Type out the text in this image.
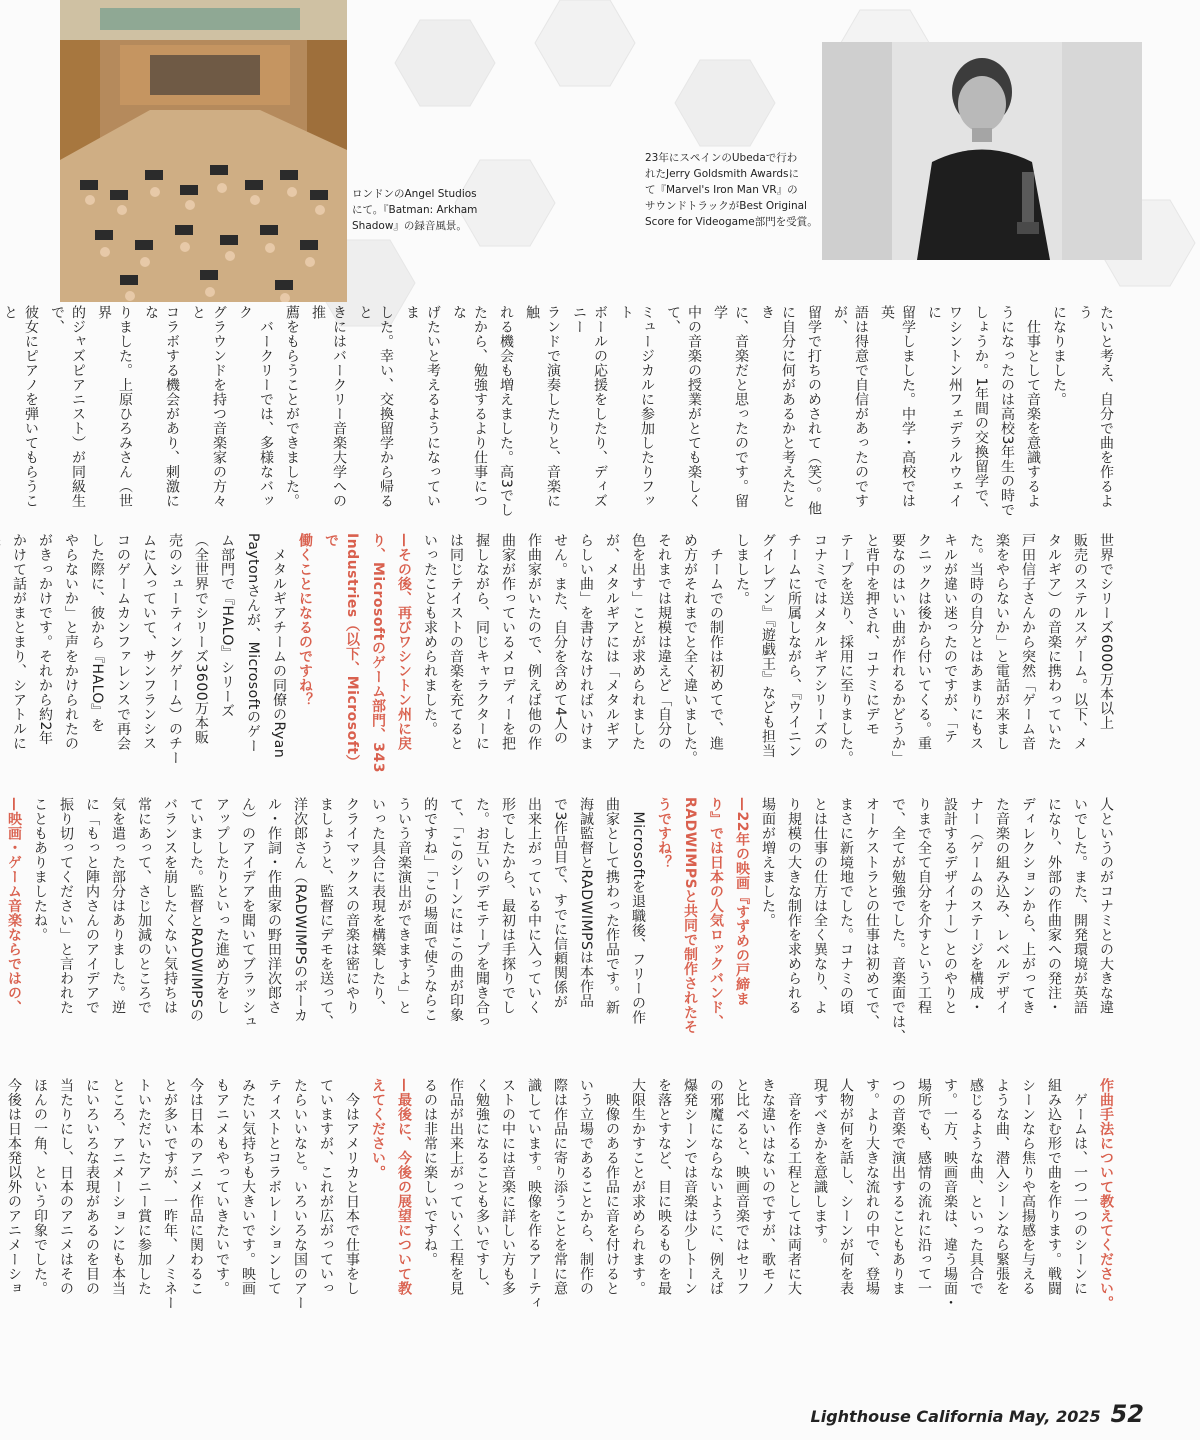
ロンドンのAngel Studios
にて。『Batman: Arkham
Shadow』の録音風景。
23年にスペインのUbedaで行わ
れたJerry Goldsmith Awardsに
て『Marvel's Iron Man VR』の
サウンドトラックがBest Original
Score for Videogame部門を受賞。
たいと考え、自分で曲を作るよう
になりました。
　仕事として音楽を意識するよ
うになったのは高校3年生の時で
しょうか。1年間の交換留学で、
ワシントン州フェデラルウェイに
留学しました。中学・高校では英
語は得意で自信があったのですが、
留学で打ちのめされて（笑）。他
に自分に何があるかと考えたとき
に、音楽だと思ったのです。留学
中の音楽の授業がとても楽しくて、
ミュージカルに参加したりフット
ボールの応援をしたり、ディズニー
ランドで演奏したりと、音楽に触
れる機会も増えました。高3でし
たから、勉強するより仕事につな
げたいと考えるようになっていま
した。幸い、交換留学から帰ると
きにはバークリー音楽大学への推
薦をもらうことができました。
　バークリーでは、多様なバック
グラウンドを持つ音楽家の方々と
コラボする機会があり、刺激にな
りました。上原ひろみさん（世界
的ジャズピアニスト）が同級生で、
彼女にピアノを弾いてもらうこと
世界でシリーズ6000万本以上
販売のステルスゲーム。以下、メ
タルギア）の音楽に携わっていた
戸田信子さんから突然「ゲーム音
楽をやらないか」と電話が来まし
た。当時の自分とはあまりにもス
キルが違い迷ったのですが、「テ
クニックは後から付いてくる。重
要なのはいい曲が作れるかどうか」
と背中を押され、コナミにデモ
テープを送り、採用に至りました。
コナミではメタルギアシリーズの
チームに所属しながら、『ウイニン
グイレブン』『遊戯王』なども担当
しました。
　チームでの制作は初めてで、進
め方がそれまでと全く違いました。
それまでは規模は違えど「自分の
色を出す」ことが求められました
が、メタルギアには「メタルギア
らしい曲」を書けなければいけま
せん。また、自分を含めて4人の
作曲家がいたので、例えば他の作
曲家が作っているメロディーを把
握しながら、同じキャラクターに
は同じテイストの音楽を充てると
いったことも求められました。
—その後、再びワシントン州に戻
り、Microsoftのゲーム部門、343
Industries（以下、Microsoft）で
働くことになるのですね？
　メタルギアチームの同僚のRyan
Paytonさんが、Microsoftのゲー
ム部門で『HALO』シリーズ
（全世界でシリーズ3600万本販
売のシューティングゲーム）のチー
ムに入っていて、サンフランシス
コのゲームカンファレンスで再会
した際に、彼から『HALO』を
やらないか」と声をかけられたの
がきっかけです。それから約2年
かけて話がまとまり、シアトルに
人というのがコナミとの大きな違
いでした。また、開発環境が英語
になり、外部の作曲家への発注・
ディレクションから、上がってき
た音楽の組み込み、レベルデザイ
ナー（ゲームのステージを構成・
設計するデザイナー）とのやりと
りまで全て自分を介すという工程
で、全てが勉強でした。音楽面では、
オーケストラとの仕事は初めてで、
まさに新境地でした。コナミの頃
とは仕事の仕方は全く異なり、よ
り規模の大きな制作を求められる
場面が増えました。
—22年の映画『すずめの戸締ま
り』では日本の人気ロックバンド、
RADWIMPSと共同で制作されたそ
うですね？
　Microsoftを退職後、フリーの作
曲家として携わった作品です。新
海誠監督とRADWIMPSは本作品
で3作品目で、すでに信頼関係が
出来上がっている中に入っていく
形でしたから、最初は手探りでし
た。お互いのデモテープを聞き合っ
て、「このシーンにはこの曲が印象
的ですね」「この場面で使うならこ
ういう音楽演出ができますよ」と
いった具合に表現を構築したり、
クライマックスの音楽は密にやり
ましょうと、監督にデモを送って、
洋次郎さん（RADWIMPSのボーカ
ル・作詞・作曲家の野田洋次郎さ
ん）のアイデアを聞いてブラッシュ
アップしたりといった進め方をし
ていました。監督とRADWIMPSの
バランスを崩したくない気持ちは
常にあって、さじ加減のところで
気を遣った部分はありました。逆
に「もっと陣内さんのアイデアで
振り切ってください」と言われた
こともありましたね。
—映画・ゲーム音楽ならではの、
作曲手法について教えてください。
　ゲームは、一つ一つのシーンに
組み込む形で曲を作ります。戦闘
シーンなら焦りや高揚感を与える
ような曲、潜入シーンなら緊張を
感じるような曲、といった具合で
す。一方、映画音楽は、違う場面・
場所でも、感情の流れに沿って一
つの音楽で演出することもありま
す。より大きな流れの中で、登場
人物が何を話し、シーンが何を表
現すべきかを意識します。
　音を作る工程としては両者に大
きな違いはないのですが、歌モノ
と比べると、映画音楽ではセリフ
の邪魔にならないように、例えば
爆発シーンでは音楽は少しトーン
を落とすなど、目に映るものを最
大限生かすことが求められます。
　映像のある作品に音を付けると
いう立場であることから、制作の
際は作品に寄り添うことを常に意
識しています。映像を作るアーティ
ストの中には音楽に詳しい方も多
く勉強になることも多いですし、
作品が出来上がっていく工程を見
るのは非常に楽しいですね。
—最後に、今後の展望について教
えてください。
　今はアメリカと日本で仕事をし
ていますが、これが広がっていっ
たらいいなと。いろいろな国のアー
ティストとコラボレーションして
みたい気持ちも大きいです。映画
もアニメもやっていきたいです。
今は日本のアニメ作品に関わるこ
とが多いですが、一昨年、ノミネー
トいただいたアニー賞に参加した
ところ、アニメーションにも本当
にいろいろな表現があるのを目の
当たりにし、日本のアニメはその
ほんの一角、という印象でした。
今後は日本発以外のアニメーショ
Lighthouse California May, 2025 52
